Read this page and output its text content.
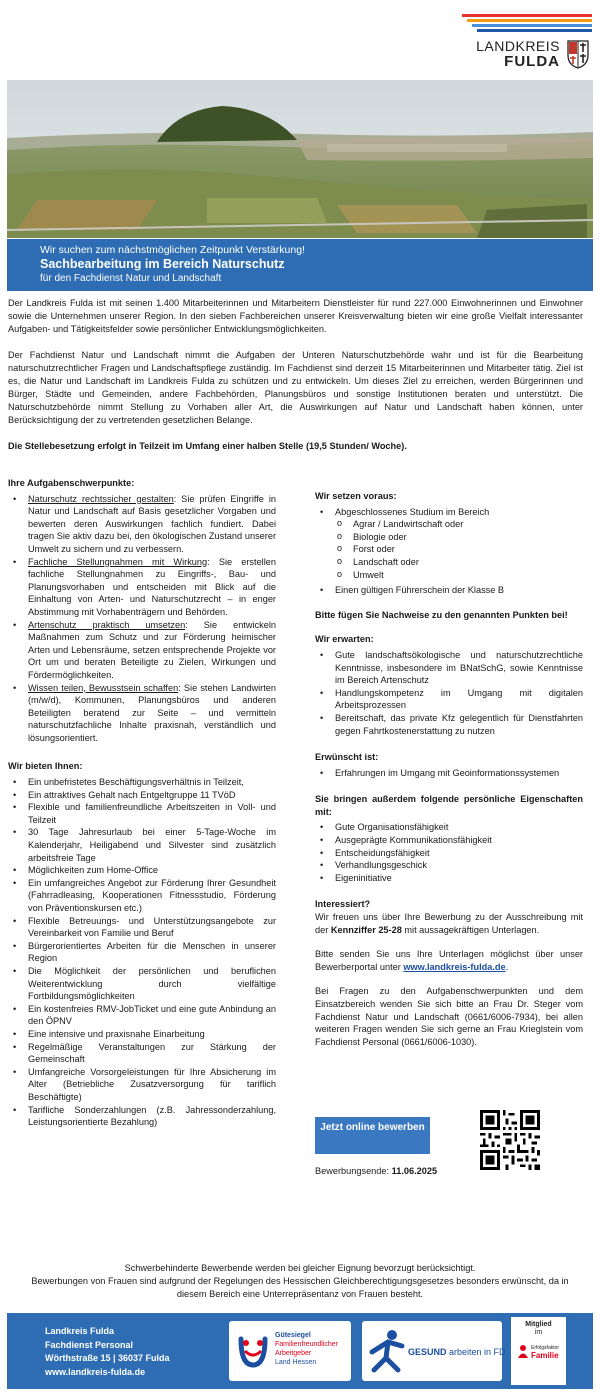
LANDKREIS
FULDA
Wir suchen zum nächstmöglichen Zeitpunkt Verstärkung!
Sachbearbeitung im Bereich Naturschutz
für den Fachdienst Natur und Landschaft

Der Landkreis Fulda ist mit seinen 1.400 Mitarbeiterinnen und Mitarbeitern Dienstleister für rund 227.000 Einwohnerinnen und Einwohner sowie die Unternehmen unserer Region. In den sieben Fachbereichen unserer Kreisverwaltung bieten wir eine große Vielfalt interessanter Aufgaben- und Tätigkeitsfelder sowie persönlicher Entwicklungsmöglichkeiten.

Der Fachdienst Natur und Landschaft nimmt die Aufgaben der Unteren Naturschutzbehörde wahr und ist für die Bearbeitung naturschutzrechtlicher Fragen und Landschaftspflege zuständig. Im Fachdienst sind derzeit 15 Mitarbeiterinnen und Mitarbeiter tätig. Ziel ist es, die Natur und Landschaft im Landkreis Fulda zu schützen und zu entwickeln. Um dieses Ziel zu erreichen, werden Bürgerinnen und Bürger, Städte und Gemeinden, andere Fachbehörden, Planungsbüros und sonstige Institutionen beraten und unterstützt. Die Naturschutzbehörde nimmt Stellung zu Vorhaben aller Art, die Auswirkungen auf Natur und Landschaft haben können, unter Berücksichtigung der zu vertretenden gesetzlichen Belange.

Die Stellebesetzung erfolgt in Teilzeit im Umfang einer halben Stelle (19,5 Stunden/ Woche).

Ihre Aufgabenschwerpunkte:
• Naturschutz rechtssicher gestalten: Sie prüfen Eingriffe in Natur und Landschaft auf Basis gesetzlicher Vorgaben und bewerten deren Auswirkungen fachlich fundiert. Dabei tragen Sie aktiv dazu bei, den ökologischen Zustand unserer Umwelt zu sichern und zu verbessern.
• Fachliche Stellungnahmen mit Wirkung: Sie erstellen fachliche Stellungnahmen zu Eingriffs-, Bau- und Planungsvorhaben und entscheiden mit Blick auf die Einhaltung von Arten- und Naturschutzrecht – in enger Abstimmung mit Vorhabenträgern und Behörden.
• Artenschutz praktisch umsetzen: Sie entwickeln Maßnahmen zum Schutz und zur Förderung heimischer Arten und Lebensräume, setzen entsprechende Projekte vor Ort um und beraten Beteiligte zu Zielen, Wirkungen und Fördermöglichkeiten.
• Wissen teilen, Bewusstsein schaffen: Sie stehen Landwirten (m/w/d), Kommunen, Planungsbüros und anderen Beteiligten beratend zur Seite – und vermitteln naturschutzfachliche Inhalte praxisnah, verständlich und lösungsorientiert.
Wir bieten Ihnen:
• Ein unbefristetes Beschäftigungsverhältnis in Teilzeit,
• Ein attraktives Gehalt nach Entgeltgruppe 11 TVöD
• Flexible und familienfreundliche Arbeitszeiten in Voll- und Teilzeit
• 30 Tage Jahresurlaub bei einer 5-Tage-Woche im Kalenderjahr, Heiligabend und Silvester sind zusätzlich arbeitsfreie Tage
• Möglichkeiten zum Home-Office
• Ein umfangreiches Angebot zur Förderung Ihrer Gesundheit (Fahrradleasing, Kooperationen Fitnessstudio, Förderung von Präventionskursen etc.)
• Flexible Betreuungs- und Unterstützungsangebote zur Vereinbarkeit von Familie und Beruf
• Bürgerorientiertes Arbeiten für die Menschen in unserer Region
• Die Möglichkeit der persönlichen und beruflichen Weiterentwicklung durch vielfältige Fortbildungsmöglichkeiten
• Ein kostenfreies RMV-JobTicket und eine gute Anbindung an den ÖPNV
• Eine intensive und praxisnahe Einarbeitung
• Regelmäßige Veranstaltungen zur Stärkung der Gemeinschaft
• Umfangreiche Vorsorgeleistungen für Ihre Absicherung im Alter (Betriebliche Zusatzversorgung für tariflich Beschäftigte)
• Tarifliche Sonderzahlungen (z.B. Jahressonderzahlung, Leistungsorientierte Bezahlung)
Wir setzen voraus:
• Abgeschlossenes Studium im Bereich
o Agrar / Landwirtschaft oder
o Biologie oder
o Forst oder
o Landschaft oder
o Umwelt
• Einen gültigen Führerschein der Klasse B

Bitte fügen Sie Nachweise zu den genannten Punkten bei!

Wir erwarten:
• Gute landschaftsökologische und naturschutzrechtliche Kenntnisse, insbesondere im BNatSchG, sowie Kenntnisse im Bereich Artenschutz
• Handlungskompetenz im Umgang mit digitalen Arbeitsprozessen
• Bereitschaft, das private Kfz gelegentlich für Dienstfahrten gegen Fahrtkostenerstattung zu nutzen
Erwünscht ist:
• Erfahrungen im Umgang mit Geoinformationssystemen
Sie bringen außerdem folgende persönliche Eigenschaften mit:
• Gute Organisationsfähigkeit
• Ausgeprägte Kommunikationsfähigkeit
• Entscheidungsfähigkeit
• Verhandlungsgeschick
• Eigeninitiative
Interessiert?

Wir freuen uns über Ihre Bewerbung zu der Ausschreibung mit der Kennziffer 25-28 mit aussagekräftigen Unterlagen.

Bitte senden Sie uns Ihre Unterlagen möglichst über unser Bewerberportal unter www.landkreis-fulda.de.

Bei Fragen zu den Aufgabenschwerpunkten und dem Einsatzbereich wenden Sie sich bitte an Frau Dr. Steger vom Fachdienst Natur und Landschaft (0661/6006-7934), bei allen weiteren Fragen wenden Sie sich gerne an Frau Krieglstein vom Fachdienst Personal (0661/6006-1030).

Jetzt online bewerben
Bewerbungsende: 11.06.2025
Schwerbehinderte Bewerbende werden bei gleicher Eignung bevorzugt berücksichtigt.
Bewerbungen von Frauen sind aufgrund der Regelungen des Hessischen Gleichberechtigungsgesetzes besonders erwünscht, da in diesem Bereich eine Unterrepräsentanz von Frauen besteht.
Landkreis Fulda
Fachdienst Personal
Wörthstraße 15 | 36037 Fulda
www.landkreis-fulda.de
Gütesiegel
Familienfreundlicher
Arbeitgeber
Land Hessen
GESUND arbeiten in FD
Mitglied
im
Erfolgsfaktor
Familie
